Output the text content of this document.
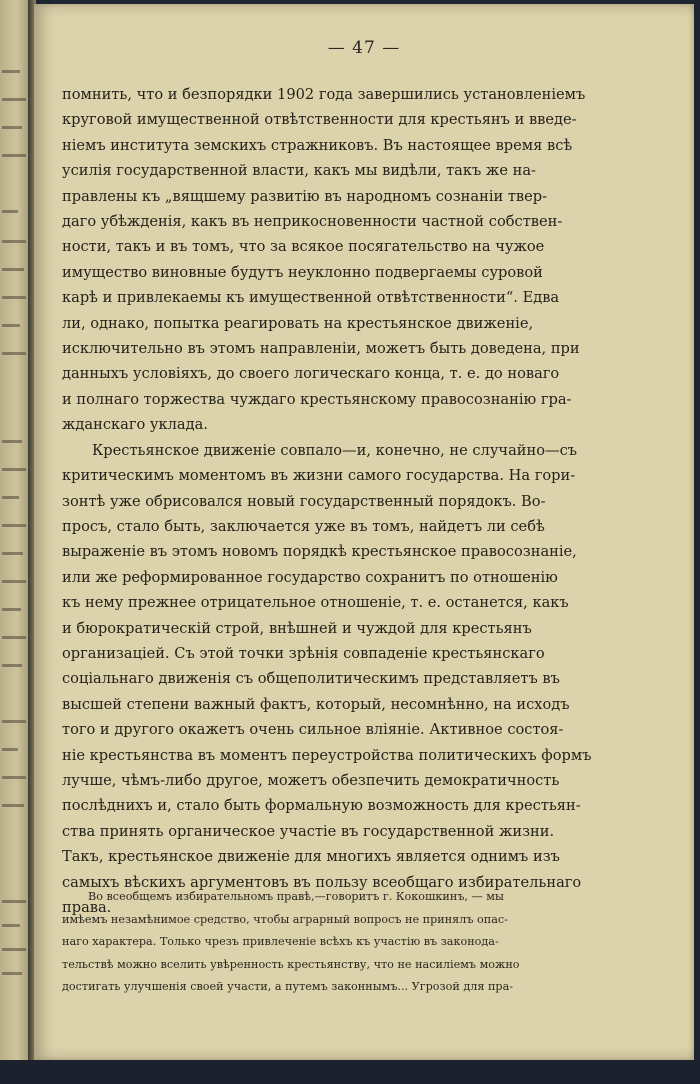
— 47 —

помнить, что и безпорядки 1902 года завершились установленіемъ
круговой имущественной отвѣтственности для крестьянъ и введе-
ніемъ института земскихъ стражниковъ. Въ настоящее время всѣ
усилія государственной власти, какъ мы видѣли, такъ же на-
правлены къ „вящшему развитію въ народномъ сознаніи твер-
даго убѣжденія, какъ въ неприкосновенности частной собствен-
ности, такъ и въ томъ, что за всякое посягательство на чужое
имущество виновные будутъ неуклонно подвергаемы суровой
карѣ и привлекаемы къ имущественной отвѣтственности“. Едва
ли, однако, попытка реагировать на крестьянское движеніе,
исключительно въ этомъ направленіи, можетъ быть доведена, при
данныхъ условіяхъ, до своего логическаго конца, т. е. до новаго
и полнаго торжества чуждаго крестьянскому правосознанію гра-
жданскаго уклада.

Крестьянское движеніе совпало—и, конечно, не случайно—съ
критическимъ моментомъ въ жизни самого государства. На гори-
зонтѣ уже обрисовался новый государственный порядокъ. Во-
просъ, стало быть, заключается уже въ томъ, найдетъ ли себѣ
выраженіе въ этомъ новомъ порядкѣ крестьянское правосознаніе,
или же реформированное государство сохранитъ по отношенію
къ нему прежнее отрицательное отношеніе, т. е. останется, какъ
и бюрократическій строй, внѣшней и чуждой для крестьянъ
организаціей. Съ этой точки зрѣнія совпаденіе крестьянскаго
соціальнаго движенія съ общеполитическимъ представляетъ въ
высшей степени важный фактъ, который, несомнѣнно, на исходъ
того и другого окажетъ очень сильное вліяніе. Активное состоя-
ніе крестьянства въ моментъ переустройства политическихъ формъ
лучше, чѣмъ-либо другое, можетъ обезпечить демократичность
послѣднихъ и, стало быть формальную возможность для крестьян-
ства принять органическое участіе въ государственной жизни.
Такъ, крестьянское движеніе для многихъ является однимъ изъ
самыхъ вѣскихъ аргументовъ въ пользу всеобщаго избирательнаго
права.

Во всеобщемъ избирательномъ правѣ,—говоритъ г. Кокошкинъ, — мы
имѣемъ незамѣнимое средство, чтобы аграрный вопросъ не принялъ опас-
наго характера. Только чрезъ привлеченіе всѣхъ къ участію въ законода-
тельствѣ можно вселить увѣренность крестьянству, что не насиліемъ можно
достигать улучшенія своей участи, а путемъ законнымъ... Угрозой для пра-
